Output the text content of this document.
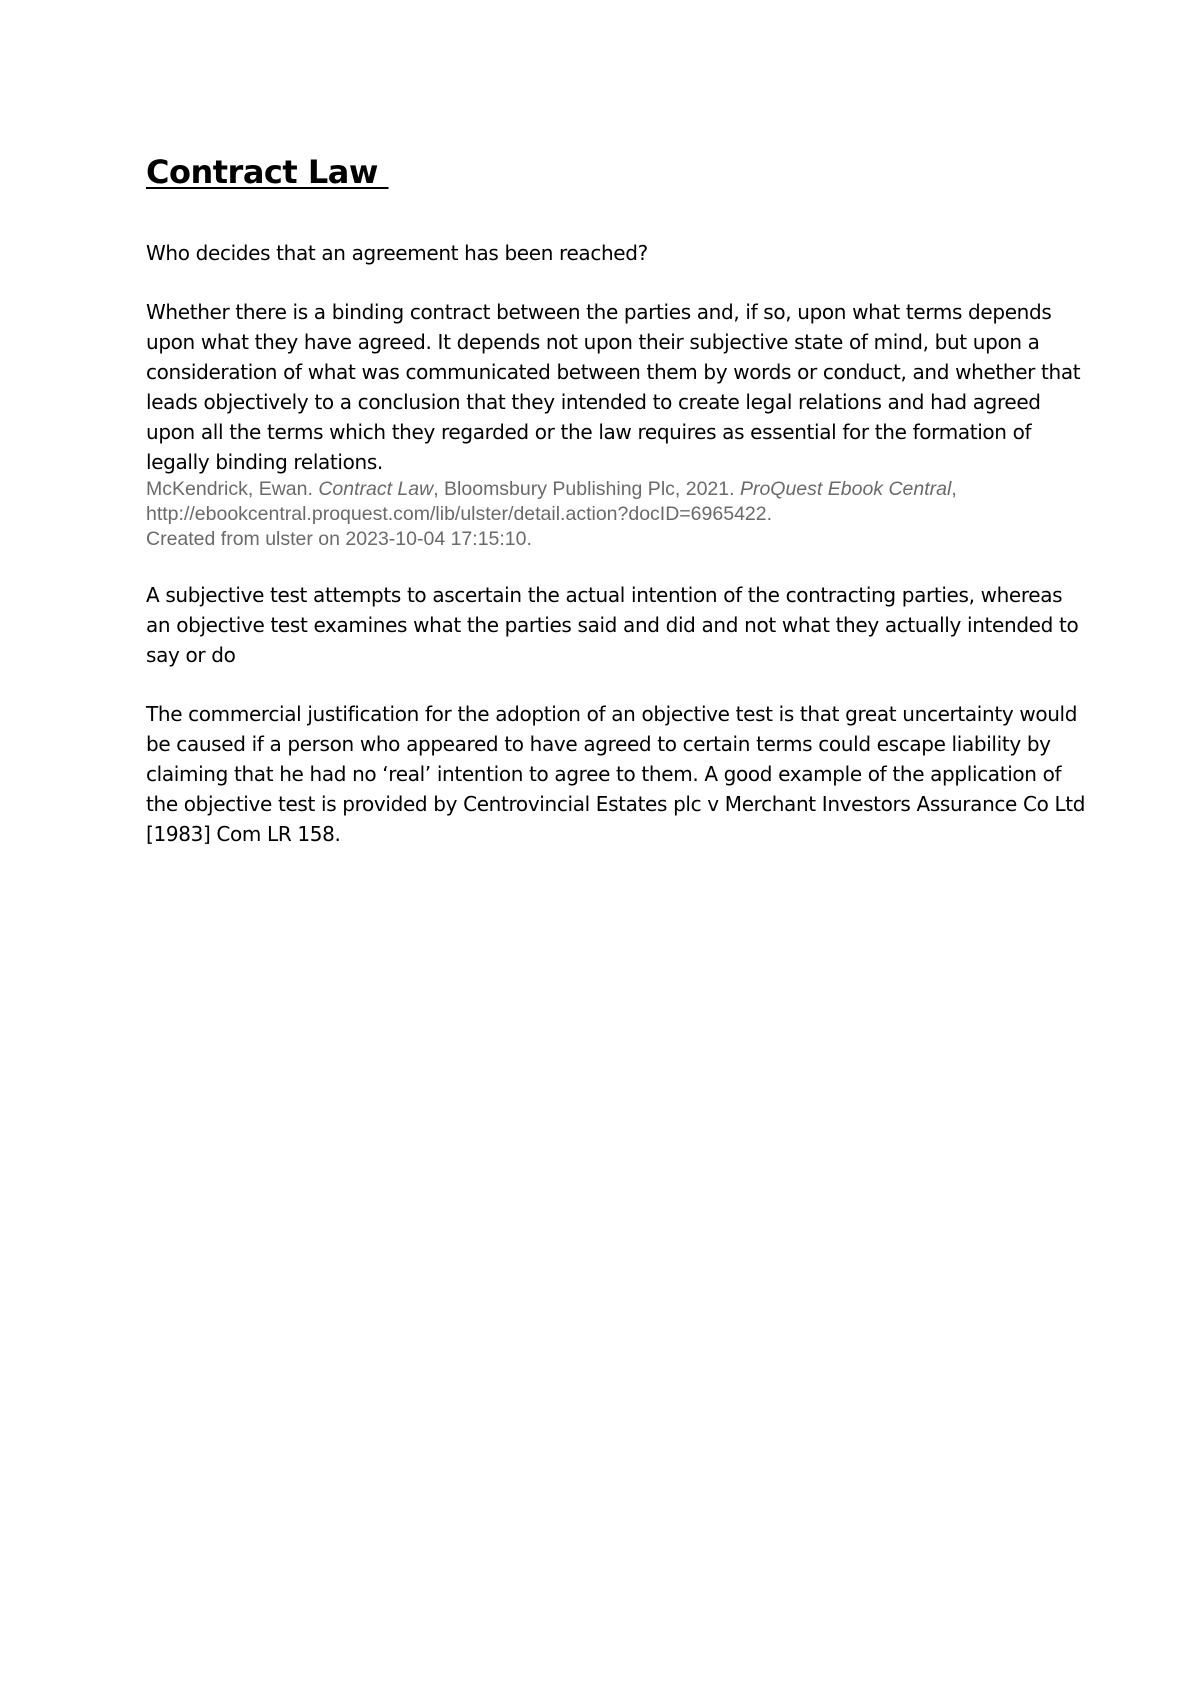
Contract Law

Who decides that an agreement has been reached?

Whether there is a binding contract between the parties and, if so, upon what terms depends upon what they have agreed. It depends not upon their subjective state of mind, but upon a consideration of what was communicated between them by words or conduct, and whether that leads objectively to a conclusion that they intended to create legal relations and had agreed upon all the terms which they regarded or the law requires as essential for the formation of legally binding relations.

McKendrick, Ewan. Contract Law, Bloomsbury Publishing Plc, 2021. ProQuest Ebook Central,
http://ebookcentral.proquest.com/lib/ulster/detail.action?docID=6965422.
Created from ulster on 2023-10-04 17:15:10.

A subjective test attempts to ascertain the actual intention of the contracting parties, whereas an objective test examines what the parties said and did and not what they actually intended to say or do

The commercial justification for the adoption of an objective test is that great uncertainty would be caused if a person who appeared to have agreed to certain terms could escape liability by claiming that he had no ‘real’ intention to agree to them. A good example of the application of the objective test is provided by Centrovincial Estates plc v Merchant Investors Assurance Co Ltd [1983] Com LR 158.
